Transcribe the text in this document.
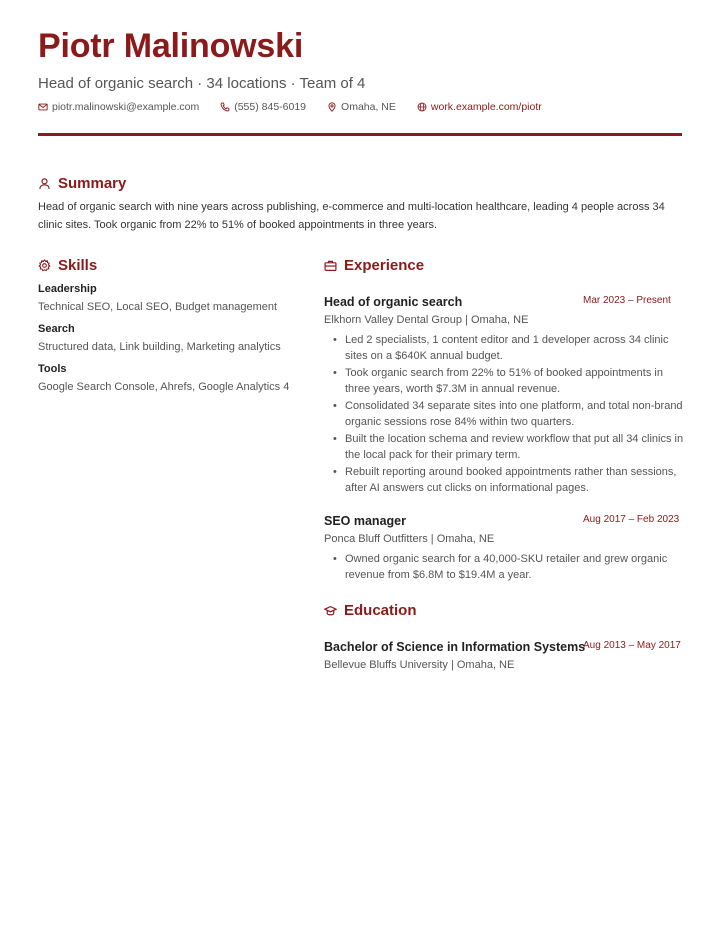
Piotr Malinowski
Head of organic search · 34 locations · Team of 4
piotr.malinowski@example.com	(555) 845-6019	Omaha, NE	work.example.com/piotr
Summary
Head of organic search with nine years across publishing, e-commerce and multi-location healthcare, leading 4 people across 34 clinic sites. Took organic from 22% to 51% of booked appointments in three years.
Skills
Leadership
Technical SEO, Local SEO, Budget management
Search
Structured data, Link building, Marketing analytics
Tools
Google Search Console, Ahrefs, Google Analytics 4
Experience
Head of organic search	Mar 2023 – Present
Elkhorn Valley Dental Group | Omaha, NE
• Led 2 specialists, 1 content editor and 1 developer across 34 clinic sites on a $640K annual budget.
• Took organic search from 22% to 51% of booked appointments in three years, worth $7.3M in annual revenue.
• Consolidated 34 separate sites into one platform, and total non-brand organic sessions rose 84% within two quarters.
• Built the location schema and review workflow that put all 34 clinics in the local pack for their primary term.
• Rebuilt reporting around booked appointments rather than sessions, after AI answers cut clicks on informational pages.
SEO manager	Aug 2017 – Feb 2023
Ponca Bluff Outfitters | Omaha, NE
• Owned organic search for a 40,000-SKU retailer and grew organic revenue from $6.8M to $19.4M a year.
Education
Bachelor of Science in Information Systems
Aug 2013 – May 2017
Bellevue Bluffs University | Omaha, NE
